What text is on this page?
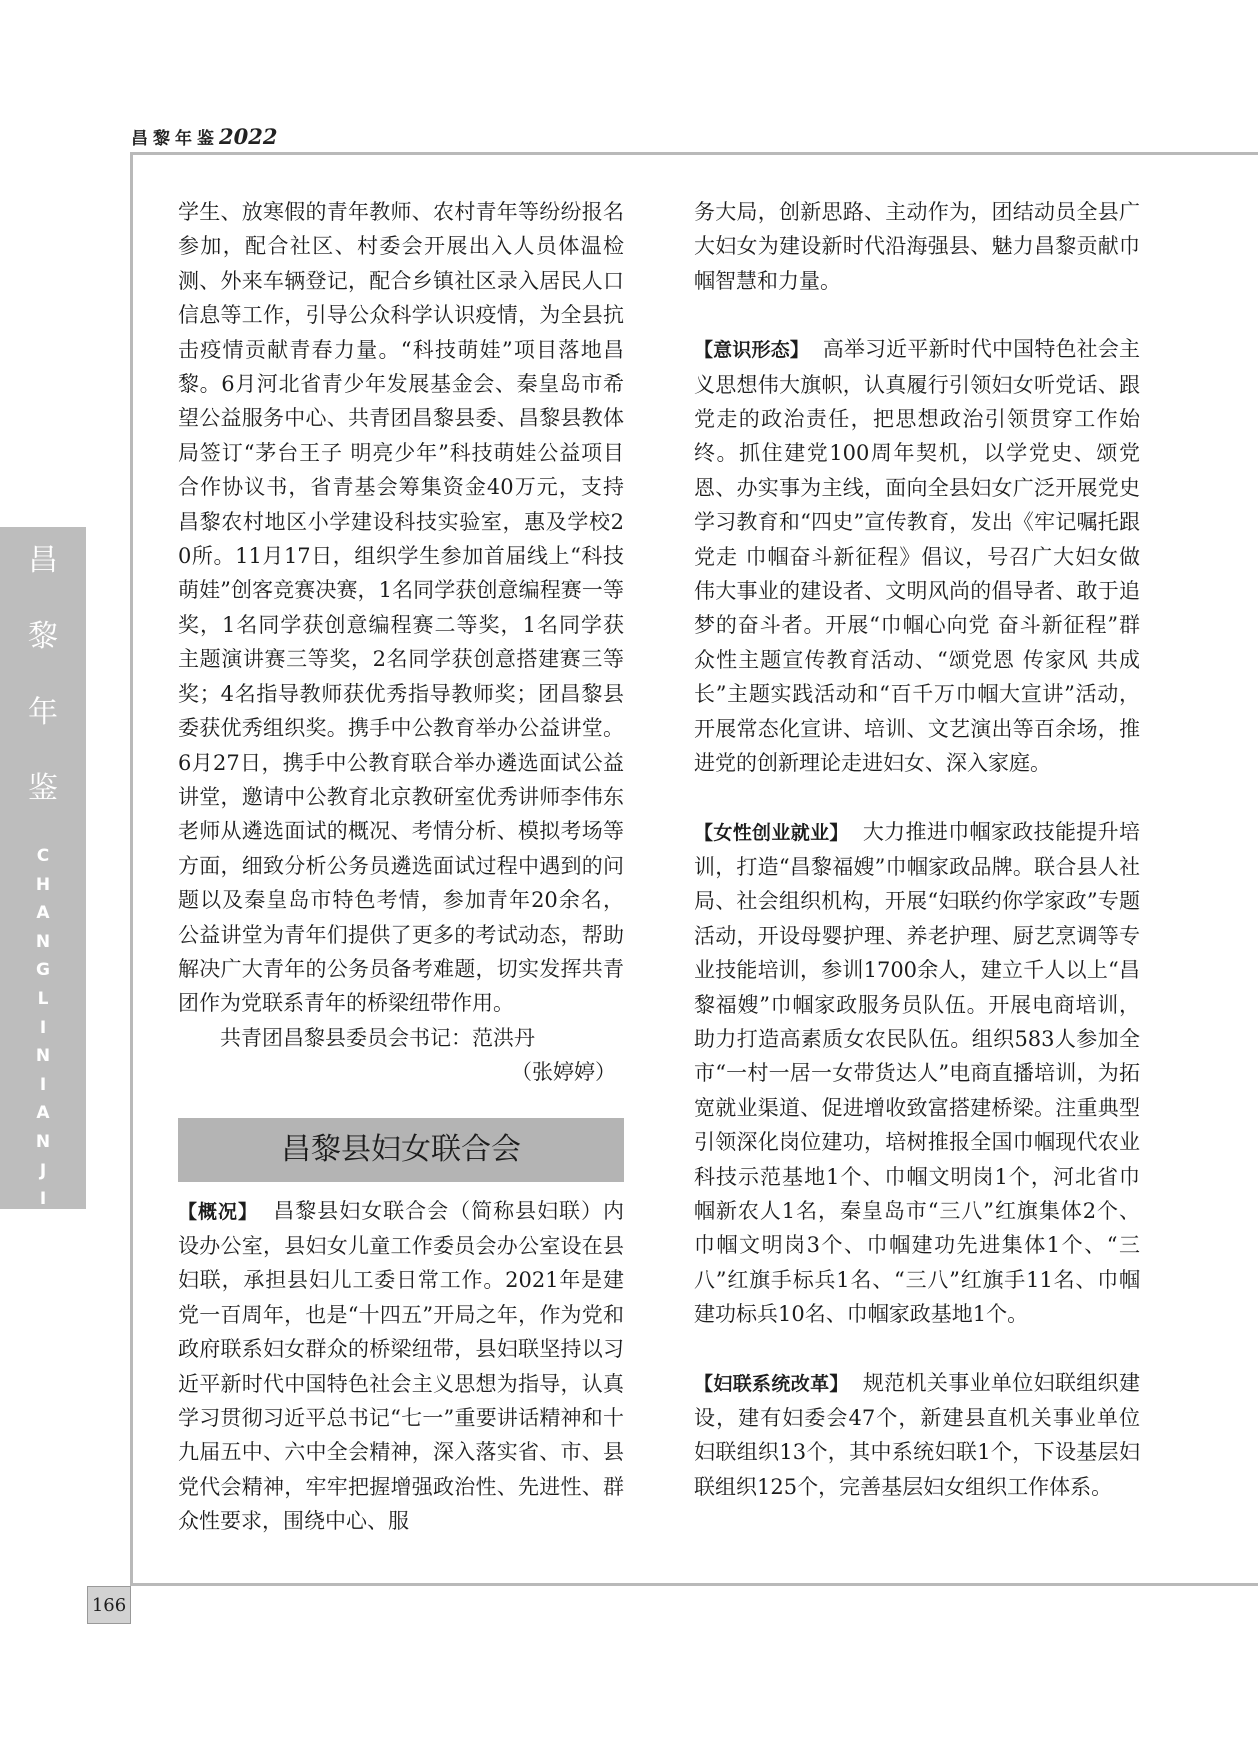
昌黎年鉴2022
昌
黎
年
鉴
C
H
A
N
G
L
I
N
I
A
N
J
I
A
N
166

学生、放寒假的青年教师、农村青年等纷纷报名参加，配合社区、村委会开展出入人员体温检测、外来车辆登记，配合乡镇社区录入居民人口信息等工作，引导公众科学认识疫情，为全县抗击疫情贡献青春力量。“科技萌娃”项目落地昌黎。6月河北省青少年发展基金会、秦皇岛市希望公益服务中心、共青团昌黎县委、昌黎县教体局签订“茅台王子 明亮少年”科技萌娃公益项目合作协议书，省青基会筹集资金40万元，支持昌黎农村地区小学建设科技实验室，惠及学校20所。11月17日，组织学生参加首届线上“科技萌娃”创客竞赛决赛，1名同学获创意编程赛一等奖，1名同学获创意编程赛二等奖，1名同学获主题演讲赛三等奖，2名同学获创意搭建赛三等奖；4名指导教师获优秀指导教师奖；团昌黎县委获优秀组织奖。携手中公教育举办公益讲堂。6月27日，携手中公教育联合举办遴选面试公益讲堂，邀请中公教育北京教研室优秀讲师李伟东老师从遴选面试的概况、考情分析、模拟考场等方面，细致分析公务员遴选面试过程中遇到的问题以及秦皇岛市特色考情，参加青年20余名，公益讲堂为青年们提供了更多的考试动态，帮助解决广大青年的公务员备考难题，切实发挥共青团作为党联系青年的桥梁纽带作用。

共青团昌黎县委员会书记：范洪丹

（张婷婷）

昌黎县妇女联合会

【概况】 昌黎县妇女联合会（简称县妇联）内设办公室，县妇女儿童工作委员会办公室设在县妇联，承担县妇儿工委日常工作。2021年是建党一百周年，也是“十四五”开局之年，作为党和政府联系妇女群众的桥梁纽带，县妇联坚持以习近平新时代中国特色社会主义思想为指导，认真学习贯彻习近平总书记“七一”重要讲话精神和十九届五中、六中全会精神，深入落实省、市、县党代会精神，牢牢把握增强政治性、先进性、群众性要求，围绕中心、服

务大局，创新思路、主动作为，团结动员全县广大妇女为建设新时代沿海强县、魅力昌黎贡献巾帼智慧和力量。

【意识形态】 高举习近平新时代中国特色社会主义思想伟大旗帜，认真履行引领妇女听党话、跟党走的政治责任，把思想政治引领贯穿工作始终。抓住建党100周年契机，以学党史、颂党恩、办实事为主线，面向全县妇女广泛开展党史学习教育和“四史”宣传教育，发出《牢记嘱托跟党走 巾帼奋斗新征程》倡议，号召广大妇女做伟大事业的建设者、文明风尚的倡导者、敢于追梦的奋斗者。开展“巾帼心向党 奋斗新征程”群众性主题宣传教育活动、“颂党恩 传家风 共成长”主题实践活动和“百千万巾帼大宣讲”活动，开展常态化宣讲、培训、文艺演出等百余场，推进党的创新理论走进妇女、深入家庭。

【女性创业就业】 大力推进巾帼家政技能提升培训，打造“昌黎福嫂”巾帼家政品牌。联合县人社局、社会组织机构，开展“妇联约你学家政”专题活动，开设母婴护理、养老护理、厨艺烹调等专业技能培训，参训1700余人，建立千人以上“昌黎福嫂”巾帼家政服务员队伍。开展电商培训，助力打造高素质女农民队伍。组织583人参加全市“一村一居一女带货达人”电商直播培训，为拓宽就业渠道、促进增收致富搭建桥梁。注重典型引领深化岗位建功，培树推报全国巾帼现代农业科技示范基地1个、巾帼文明岗1个，河北省巾帼新农人1名，秦皇岛市“三八”红旗集体2个、巾帼文明岗3个、巾帼建功先进集体1个、“三八”红旗手标兵1名、“三八”红旗手11名、巾帼建功标兵10名、巾帼家政基地1个。

【妇联系统改革】 规范机关事业单位妇联组织建设，建有妇委会47个，新建县直机关事业单位妇联组织13个，其中系统妇联1个，下设基层妇联组织125个，完善基层妇女组织工作体系。
